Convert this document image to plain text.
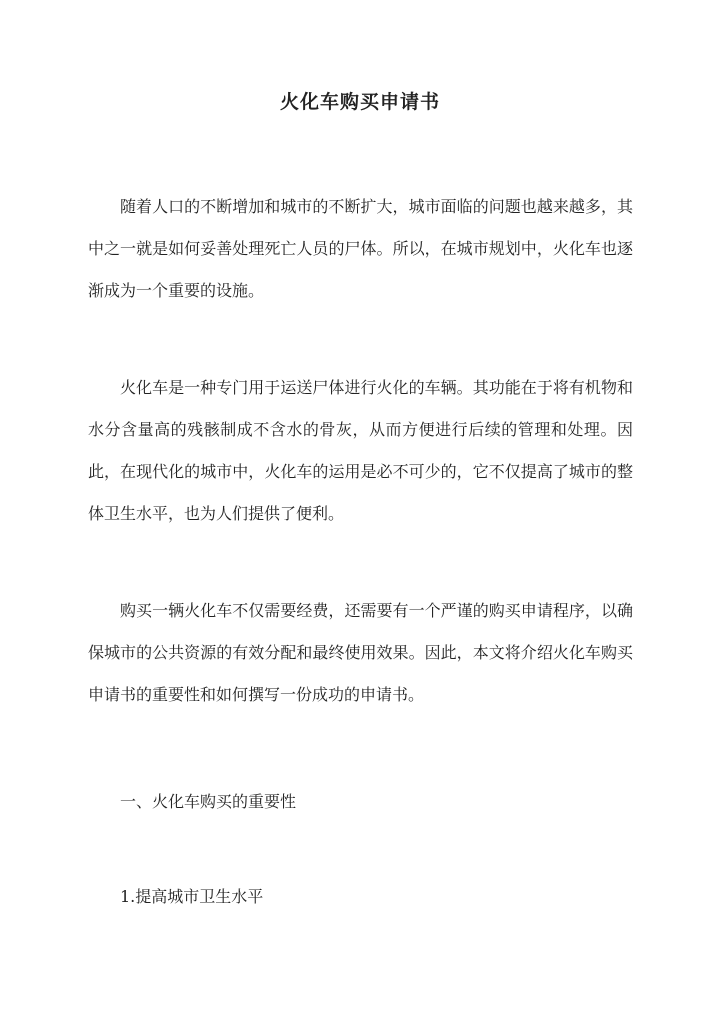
火化车购买申请书

随着人口的不断增加和城市的不断扩大，城市面临的问题也越来越多，其中之一就是如何妥善处理死亡人员的尸体。所以，在城市规划中，火化车也逐渐成为一个重要的设施。

火化车是一种专门用于运送尸体进行火化的车辆。其功能在于将有机物和水分含量高的残骸制成不含水的骨灰，从而方便进行后续的管理和处理。因此，在现代化的城市中，火化车的运用是必不可少的，它不仅提高了城市的整体卫生水平，也为人们提供了便利。

购买一辆火化车不仅需要经费，还需要有一个严谨的购买申请程序，以确保城市的公共资源的有效分配和最终使用效果。因此，本文将介绍火化车购买申请书的重要性和如何撰写一份成功的申请书。

一、火化车购买的重要性
1.提高城市卫生水平
